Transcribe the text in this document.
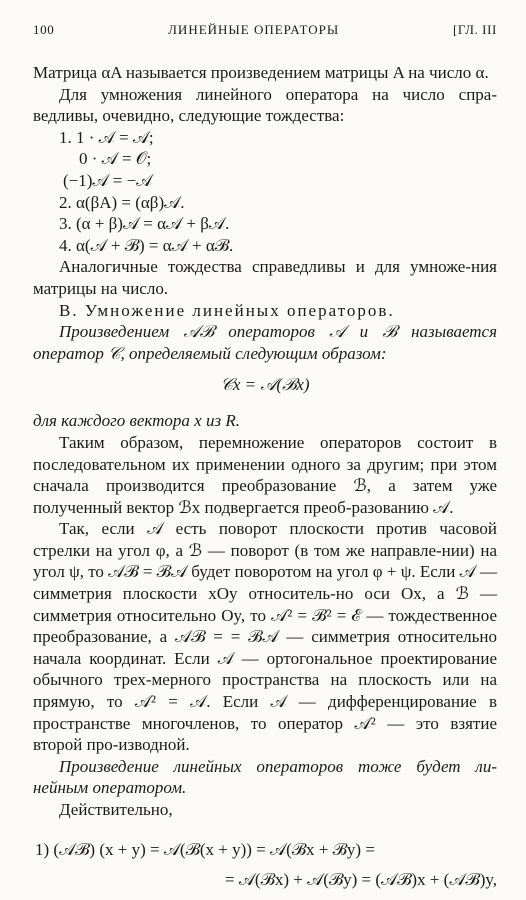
100	ЛИНЕЙНЫЕ ОПЕРАТОРЫ	[ГЛ. III

Матрица αA называется произведением матрицы A на число α.

Для умножения линейного оператора на число спра-ведливы, очевидно, следующие тождества:

1. 1 · 𝒜 = 𝒜;
0 · 𝒜 = 𝒪;
(−1)𝒜 = −𝒜
2. α(βA) = (αβ)𝒜.
3. (α + β)𝒜 = α𝒜 + β𝒜.
4. α(𝒜 + ℬ) = α𝒜 + αℬ.

Аналогичные тождества справедливы и для умноже-ния матрицы на число.

В. Умножение линейных операторов.

Произведением 𝒜ℬ операторов 𝒜 и ℬ называется оператор 𝒞, определяемый следующим образом:

𝒞x = 𝒜(ℬx)

для каждого вектора x из R.

Таким образом, перемножение операторов состоит в последовательном их применении одного за другим; при этом сначала производится преобразование ℬ, а затем уже полученный вектор ℬx подвергается преоб-разованию 𝒜.

Так, если 𝒜 есть поворот плоскости против часовой стрелки на угол φ, а ℬ — поворот (в том же направле-нии) на угол ψ, то 𝒜ℬ = ℬ𝒜 будет поворотом на угол φ + ψ. Если 𝒜 — симметрия плоскости xOy относитель-но оси Ox, а ℬ — симметрия относительно Oy, то 𝒜² = ℬ² = ℰ — тождественное преобразование, а 𝒜ℬ = = ℬ𝒜 — симметрия относительно начала координат. Если 𝒜 — ортогональное проектирование обычного трех-мерного пространства на плоскость или на прямую, то 𝒜² = 𝒜. Если 𝒜 — дифференцирование в пространстве многочленов, то оператор 𝒜² — это взятие второй про-изводной.

Произведение линейных операторов тоже будет ли-нейным оператором.

Действительно,

1) (𝒜ℬ) (x + y) = 𝒜(ℬ(x + y)) = 𝒜(ℬx + ℬy) =
= 𝒜(ℬx) + 𝒜(ℬy) = (𝒜ℬ)x + (𝒜ℬ)y,
